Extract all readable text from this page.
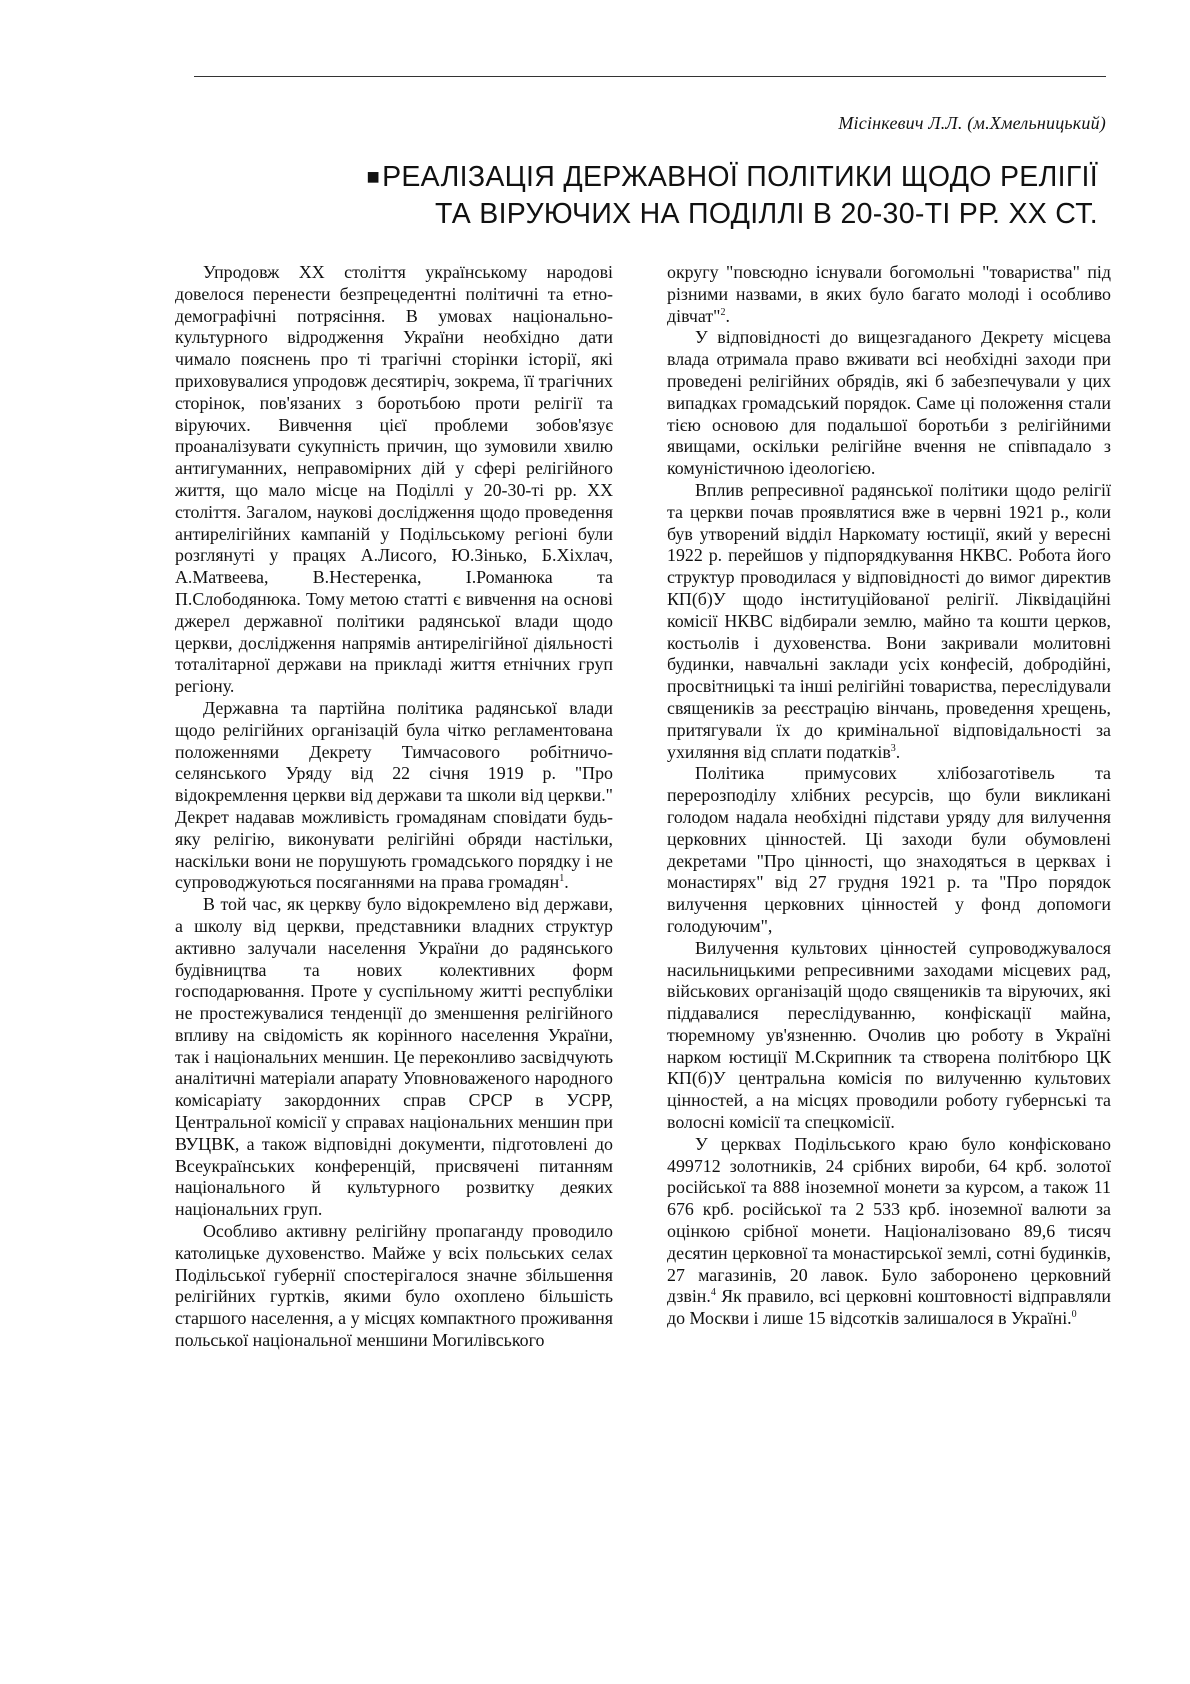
Місінкевич Л.Л. (м.Хмельницький)
■РЕАЛІЗАЦІЯ ДЕРЖАВНОЇ ПОЛІТИКИ ЩОДО РЕЛІГІЇ
ТА ВІРУЮЧИХ НА ПОДІЛЛІ В 20-30-ТІ РР. XX СТ.

Упродовж XX століття українському народові довелося перенести безпрецедентні політичні та етно-демографічні потрясіння. В умовах національно-культурного відродження України необхідно дати чимало пояснень про ті трагічні сторінки історії, які приховувалися упродовж десятиріч, зокрема, її трагічних сторінок, пов'язаних з боротьбою проти релігії та віруючих. Вивчення цієї проблеми зобов'язує проаналізувати сукупність причин, що зумовили хвилю антигуманних, неправомірних дій у сфері релігійного життя, що мало місце на Поділлі у 20-30-ті рр. XX століття. Загалом, наукові дослідження щодо проведення антирелігійних кампаній у Подільському регіоні були розглянуті у працях А.Лисого, Ю.Зінько, Б.Хіхлач, А.Матвеева, В.Нестеренка, І.Романюка та П.Слободянюка. Тому метою статті є вивчення на основі джерел державної політики радянської влади щодо церкви, дослідження напрямів антирелігійної діяльності тоталітарної держави на прикладі життя етнічних груп регіону.

Державна та партійна політика радянської влади щодо релігійних організацій була чітко регламентована положеннями Декрету Тимчасового робітничо-селянського Уряду від 22 січня 1919 р. "Про відокремлення церкви від держави та школи від церкви." Декрет надавав можливість громадянам сповідати будь-яку релігію, виконувати релігійні обряди настільки, наскільки вони не порушують громадського порядку і не супроводжуються посяганнями на права громадян$^1$.

В той час, як церкву було відокремлено від держави, а школу від церкви, представники владних структур активно залучали населення України до радянського будівництва та нових колективних форм господарювання. Проте у суспільному житті республіки не простежувалися тенденції до зменшення релігійного впливу на свідомість як корінного населення України, так і національних меншин. Це переконливо засвідчують аналітичні матеріали апарату Уповноваженого народного комісаріату закордонних справ СРСР в УСРР, Центральної комісії у справах національних меншин при ВУЦВК, а також відповідні документи, підготовлені до Всеукраїнських конференцій, присвячені питанням національного й культурного розвитку деяких національних груп.

Особливо активну релігійну пропаганду проводило католицьке духовенство. Майже у всіх польських селах Подільської губернії спостерігалося значне збільшення релігійних гуртків, якими було охоплено більшість старшого населення, а у місцях компактного проживання польської національної меншини Могилівського

округу "повсюдно існували богомольні "товариства" під різними назвами, в яких було багато молоді і особливо дівчат"$^2$.

У відповідності до вищезгаданого Декрету місцева влада отримала право вживати всі необхідні заходи при проведені релігійних обрядів, які б забезпечували у цих випадках громадський порядок. Саме ці положення стали тією основою для подальшої боротьби з релігійними явищами, оскільки релігійне вчення не співпадало з комуністичною ідеологією.

Вплив репресивної радянської політики щодо релігії та церкви почав проявлятися вже в червні 1921 р., коли був утворений відділ Наркомату юстиції, який у вересні 1922 р. перейшов у підпорядкування НКВС. Робота його структур проводилася у відповідності до вимог директив КП(б)У щодо інституційованої релігії. Ліквідаційні комісії НКВС відбирали землю, майно та кошти церков, костьолів і духовенства. Вони закривали молитовні будинки, навчальні заклади усіх конфесій, добродійні, просвітницькі та інші релігійні товариства, переслідували священиків за реєстрацію вінчань, проведення хрещень, притягували їх до кримінальної відповідальності за ухиляння від сплати податків$^3$.

Політика примусових хлібозаготівель та перерозподілу хлібних ресурсів, що були викликані голодом надала необхідні підстави уряду для вилучення церковних цінностей. Ці заходи були обумовлені декретами "Про цінності, що знаходяться в церквах і монастирях" від 27 грудня 1921 р. та "Про порядок вилучення церковних цінностей у фонд допомоги голодуючим",

Вилучення культових цінностей супроводжувалося насильницькими репресивними заходами місцевих рад, військових організацій щодо священиків та віруючих, які піддавалися переслідуванню, конфіскації майна, тюремному ув'язненню. Очолив цю роботу в Україні нарком юстиції М.Скрипник та створена політбюро ЦК КП(б)У центральна комісія по вилученню культових цінностей, а на місцях проводили роботу губернські та волосні комісії та спецкомісії.

У церквах Подільського краю було конфісковано 499712 золотників, 24 срібних вироби, 64 крб. золотої російської та 888 іноземної монети за курсом, а також 11 676 крб. російської та 2 533 крб. іноземної валюти за оцінкою срібної монети. Націоналізовано 89,6 тисяч десятин церковної та монастирської землі, сотні будинків, 27 магазинів, 20 лавок. Було заборонено церковний дзвін.$^4$ Як правило, всі церковні коштовності відправляли до Москви і лише 15 відсотків залишалося в Україні.$^0$
